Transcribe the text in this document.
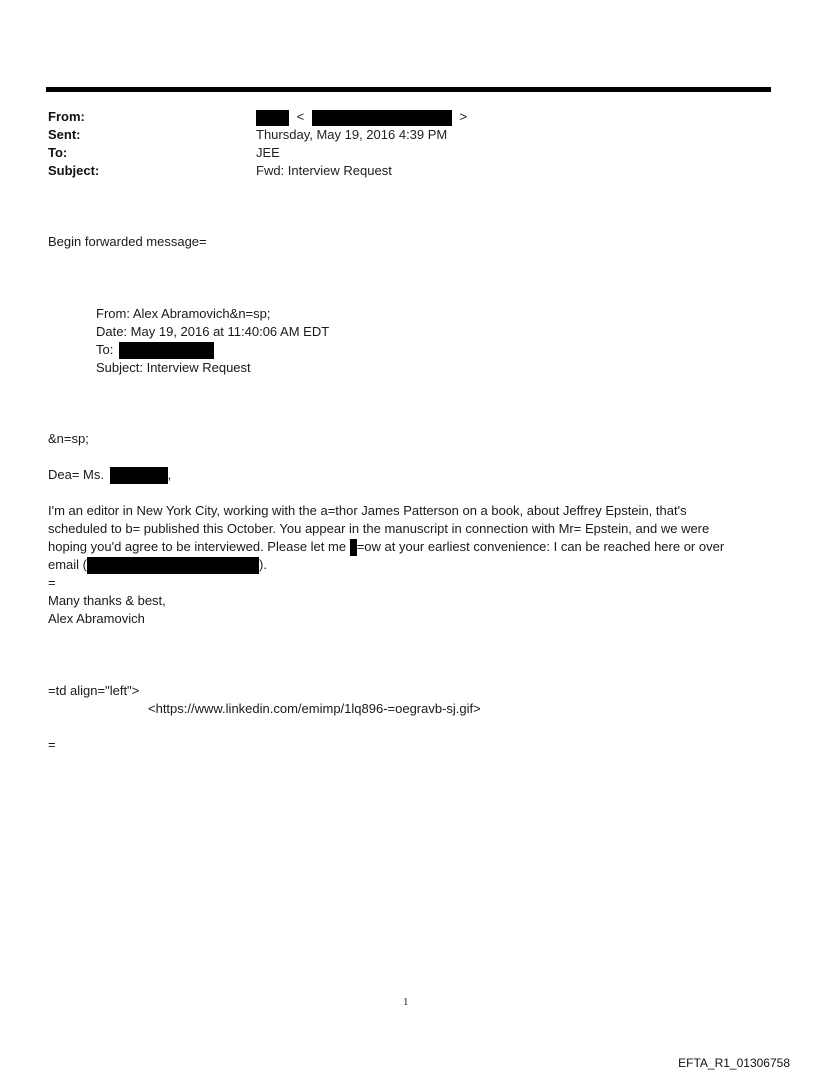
From:	<	>
Sent:	Thursday, May 19, 2016 4:39 PM
To:	JEE
Subject:	Fwd: Interview Request
Begin forwarded message=
From: Alex Abramovich&n=sp;
Date: May 19, 2016 at 11:40:06 AM EDT
To:
Subject: Interview Request
&n=sp;
Dea= Ms.	,
I'm an editor in New York City, working with the a=thor James Patterson on a book, about Jeffrey Epstein, that's
scheduled to b= published this October. You appear in the manuscript in connection with Mr= Epstein, and we were
hoping you'd agree to be interviewed. Please let me =ow at your earliest convenience: I can be reached here or over
email (	).
=
Many thanks & best,
Alex Abramovich
=td align="left">
<https://www.linkedin.com/emimp/1lq896-=oegravb-sj.gif>
=
1
EFTA_R1_01306758
